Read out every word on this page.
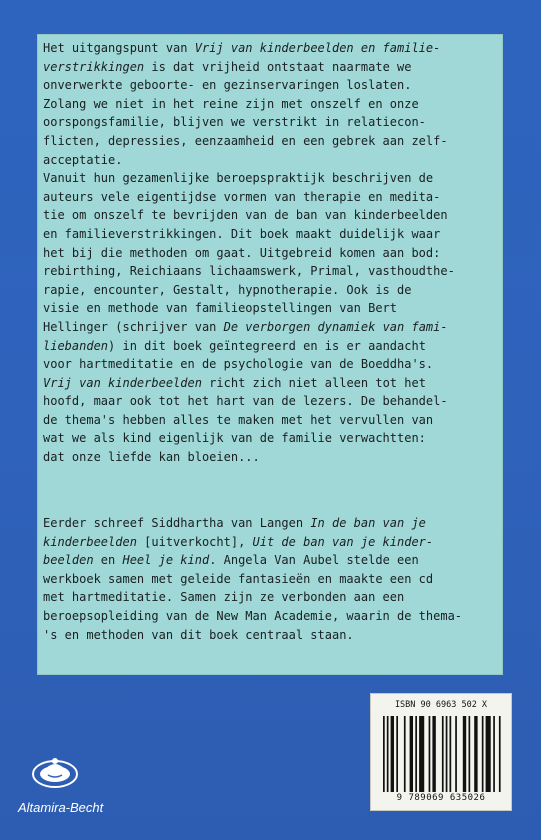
Het uitgangspunt van Vrij van kinderbeelden en familie-
verstrikkingen is dat vrijheid ontstaat naarmate we
onverwerkte geboorte- en gezinservaringen loslaten.
Zolang we niet in het reine zijn met onszelf en onze
oorspongsfamilie, blijven we verstrikt in relatiecon-
flicten, depressies, eenzaamheid en een gebrek aan zelf-
acceptatie.
Vanuit hun gezamenlijke beroepspraktijk beschrijven de
auteurs vele eigentijdse vormen van therapie en medita-
tie om onszelf te bevrijden van de ban van kinderbeelden
en familieverstrikkingen. Dit boek maakt duidelijk waar
het bij die methoden om gaat. Uitgebreid komen aan bod:
rebirthing, Reichiaans lichaamswerk, Primal, vasthoudthe-
rapie, encounter, Gestalt, hypnotherapie. Ook is de
visie en methode van familieopstellingen van Bert
Hellinger (schrijver van De verborgen dynamiek van fami-
liebanden) in dit boek geïntegreerd en is er aandacht
voor hartmeditatie en de psychologie van de Boeddha's.
Vrij van kinderbeelden richt zich niet alleen tot het
hoofd, maar ook tot het hart van de lezers. De behandel-
de thema's hebben alles te maken met het vervullen van
wat we als kind eigenlijk van de familie verwachtten:
dat onze liefde kan bloeien...

Eerder schreef Siddhartha van Langen In de ban van je
kinderbeelden [uitverkocht], Uit de ban van je kinder-
beelden en Heel je kind. Angela Van Aubel stelde een
werkboek samen met geleide fantasieën en maakte een cd
met hartmeditatie. Samen zijn ze verbonden aan een
beroepsopleiding van de New Man Academie, waarin de thema-
's en methoden van dit boek centraal staan.

ISBN 90 6963 502 X
9 789069 635026
Altamira-Becht
